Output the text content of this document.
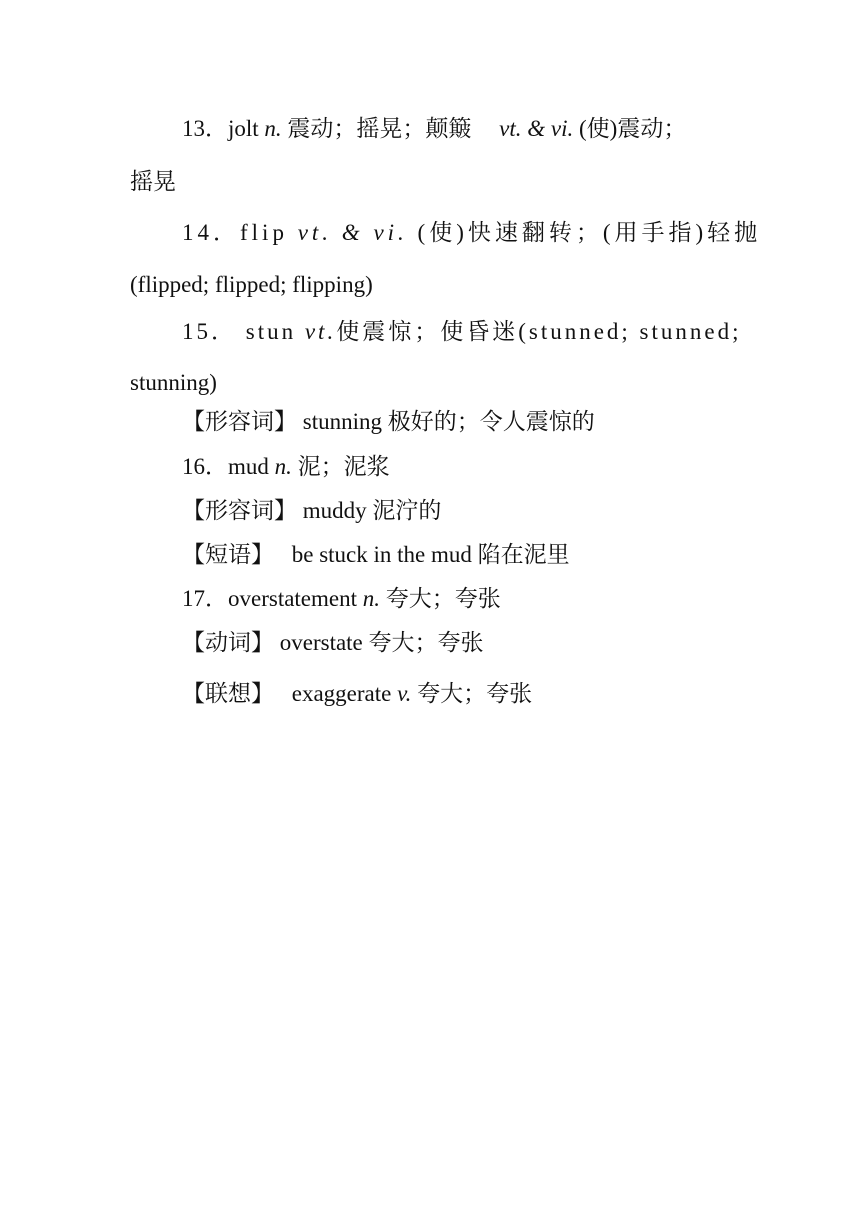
13．jolt n. 震动；摇晃；颠簸 vt. & vi. (使)震动；
摇晃
14．flip vt. & vi. (使)快速翻转；(用手指)轻抛
(flipped; flipped; flipping)
15． stun vt.使震惊；使昏迷(stunned; stunned;
stunning)
【形容词】 stunning 极好的；令人震惊的
16．mud n. 泥；泥浆
【形容词】 muddy 泥泞的
【短语】 be stuck in the mud 陷在泥里
17．overstatement n. 夸大；夸张
【动词】 overstate 夸大；夸张
【联想】 exaggerate v. 夸大；夸张
